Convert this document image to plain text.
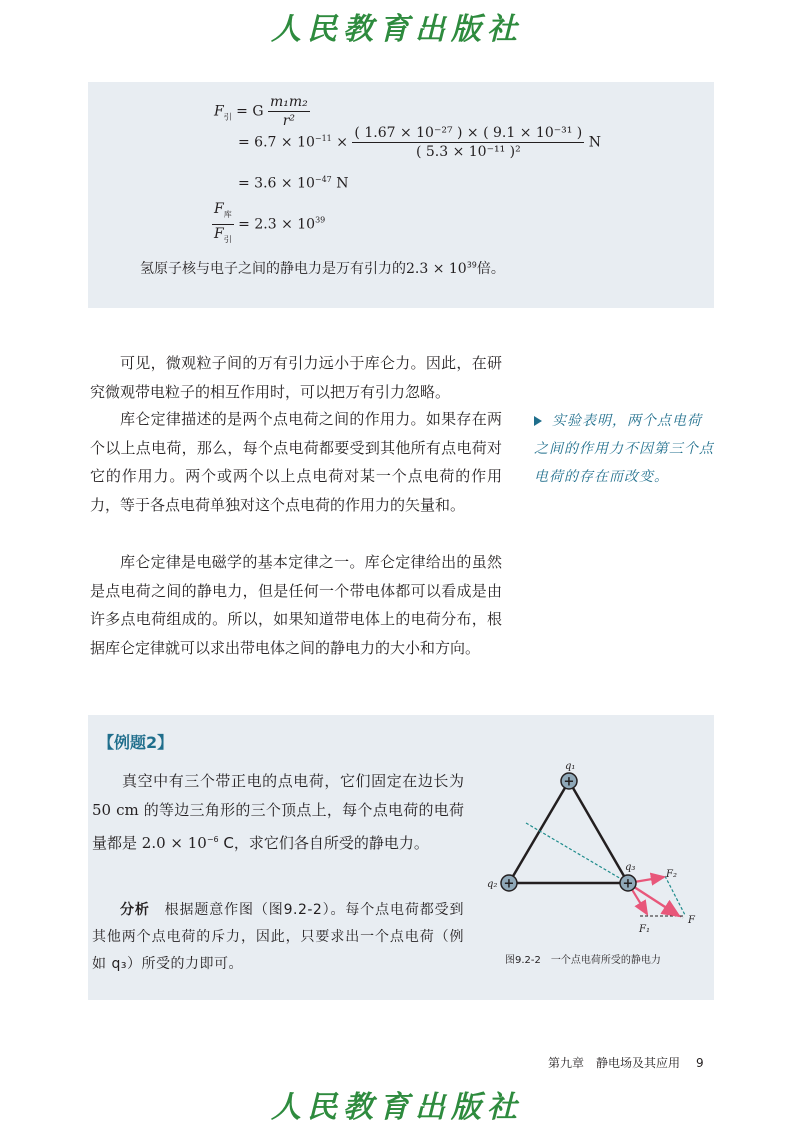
人民教育出版社
$F_引 = G \frac{\text{m₁m₂}}{\text{r²}}$
= $6.7 \times 10^{-11} \times \frac{\text{( 1.67 × 10⁻²⁷ ) × ( 9.1 × 10⁻³¹ )}}{\text{( 5.3 × 10⁻¹¹ )²}}$ N
= $3.6 \times 10^{-47}$ N
$\frac{F_库}{F_引} = 2.3 \times 10^{39}$
氢原子核与电子之间的静电力是万有引力的$2.3 \times 10^{39}$倍。
可见，微观粒子间的万有引力远小于库仑力。因此，在研究微观带电粒子的相互作用时，可以把万有引力忽略。
库仑定律描述的是两个点电荷之间的作用力。如果存在两个以上点电荷，那么，每个点电荷都要受到其他所有点电荷对它的作用力。两个或两个以上点电荷对某一个点电荷的作用力，等于各点电荷单独对这个点电荷的作用力的矢量和。
库仑定律是电磁学的基本定律之一。库仑定律给出的虽然是点电荷之间的静电力，但是任何一个带电体都可以看成是由许多点电荷组成的。所以，如果知道带电体上的电荷分布，根据库仑定律就可以求出带电体之间的静电力的大小和方向。
实验表明，两个点电荷之间的作用力不因第三个点电荷的存在而改变。
【例题2】
真空中有三个带正电的点电荷，它们固定在边长为 50 cm 的等边三角形的三个顶点上，每个点电荷的电荷量都是 $2.0 \times 10^{-6}$ C，求它们各自所受的静电力。
分析　 根据题意作图（图9.2-2）。每个点电荷都受到其他两个点电荷的斥力，因此，只要求出一个点电荷（例如 q₃）所受的力即可。
+
+	+
q₁
q₂
q₃
F₂
F₁
F
图9.2-2　一个点电荷所受的静电力
第九章　静电场及其应用 9
人民教育出版社
